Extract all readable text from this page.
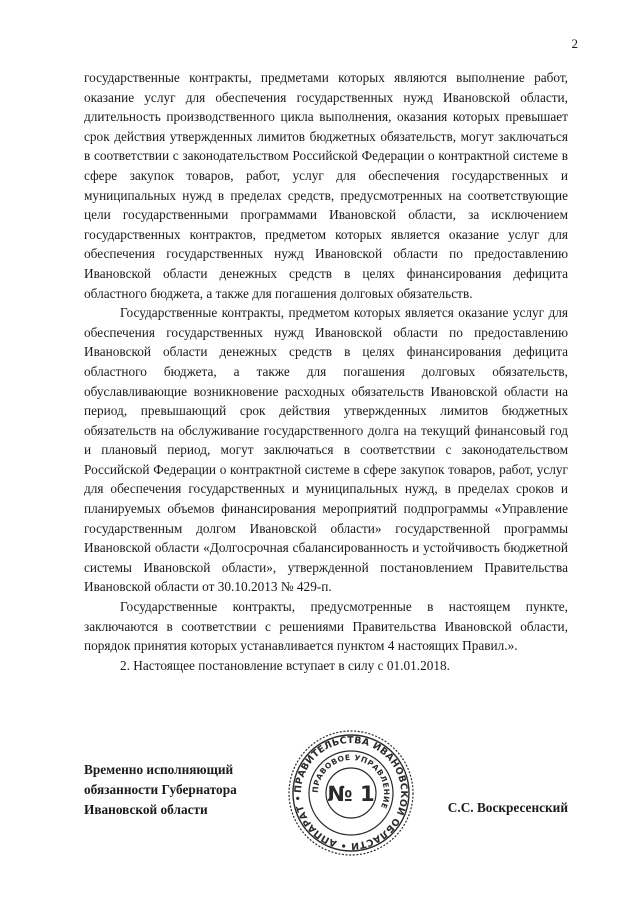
2

государственные контракты, предметами которых являются выполнение работ, оказание услуг для обеспечения государственных нужд Ивановской области, длительность производственного цикла выполнения, оказания которых превышает срок действия утвержденных лимитов бюджетных обязательств, могут заключаться в соответствии с законодательством Российской Федерации о контрактной системе в сфере закупок товаров, работ, услуг для обеспечения государственных и муниципальных нужд в пределах средств, предусмотренных на соответствующие цели государственными программами Ивановской области, за исключением государственных контрактов, предметом которых является оказание услуг для обеспечения государственных нужд Ивановской области по предоставлению Ивановской области денежных средств в целях финансирования дефицита областного бюджета, а также для погашения долговых обязательств.

Государственные контракты, предметом которых является оказание услуг для обеспечения государственных нужд Ивановской области по предоставлению Ивановской области денежных средств в целях финансирования дефицита областного бюджета, а также для погашения долговых обязательств, обуславливающие возникновение расходных обязательств Ивановской области на период, превышающий срок действия утвержденных лимитов бюджетных обязательств на обслуживание государственного долга на текущий финансовый год и плановый период, могут заключаться в соответствии с законодательством Российской Федерации о контрактной системе в сфере закупок товаров, работ, услуг для обеспечения государственных и муниципальных нужд, в пределах сроков и планируемых объемов финансирования мероприятий подпрограммы «Управление государственным долгом Ивановской области» государственной программы Ивановской области «Долгосрочная сбалансированность и устойчивость бюджетной системы Ивановской области», утвержденной постановлением Правительства Ивановской области от 30.10.2013 № 429-п.

Государственные контракты, предусмотренные в настоящем пункте, заключаются в соответствии с решениями Правительства Ивановской области, порядок принятия которых устанавливается пунктом 4 настоящих Правил.».

2. Настоящее постановление вступает в силу с 01.01.2018.

Временно исполняющий
обязанности Губернатора
Ивановской области
ПРАВИТЕЛЬСТВА ИВАНОВСКОЙ ОБЛАСТИ • АППАРАТ •
ПРАВОВОЕ УПРАВЛЕНИЕ
№ 1
С.С. Воскресенский
